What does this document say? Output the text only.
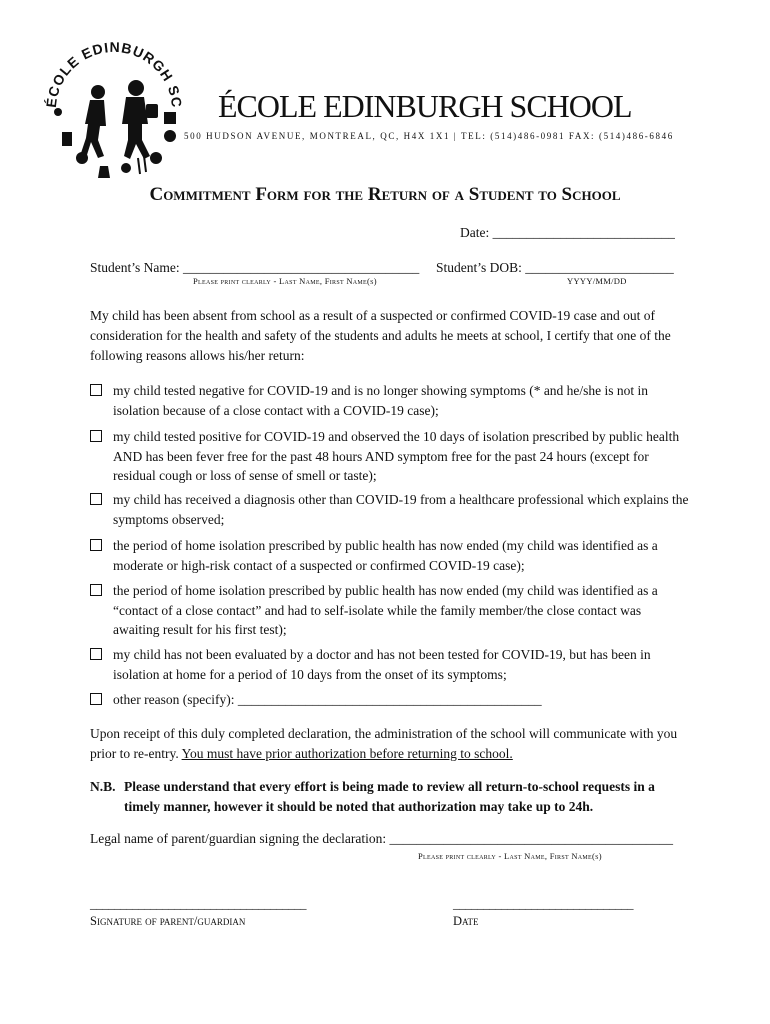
ÉCOLE EDINBURGH SC ÉCOLE EDINBURGH SCHOOL
500 HUDSON AVENUE, MONTREAL, QC, H4X 1X1 | TEL: (514)486-0981 FAX: (514)486-6846
Commitment Form for the Return of a Student to School
Date: ___________________________
Student’s Name: ___________________________________
Please print clearly - Last Name, First Name(s)
Student’s DOB: ______________________
YYYY/MM/DD
My child has been absent from school as a result of a suspected or confirmed COVID-19 case and out of consideration for the health and safety of the students and adults he meets at school, I certify that one of the following reasons allows his/her return:
my child tested negative for COVID-19 and is no longer showing symptoms (* and he/she is not in isolation because of a close contact with a COVID-19 case);
my child tested positive for COVID-19 and observed the 10 days of isolation prescribed by public health AND has been fever free for the past 48 hours AND symptom free for the past 24 hours (except for residual cough or loss of sense of smell or taste);
my child has received a diagnosis other than COVID-19 from a healthcare professional which explains the symptoms observed;
the period of home isolation prescribed by public health has now ended (my child was identified as a moderate or high-risk contact of a suspected or confirmed COVID-19 case);
the period of home isolation prescribed by public health has now ended (my child was identified as a “contact of a close contact” and had to self-isolate while the family member/the close contact was awaiting result for his first test);
my child has not been evaluated by a doctor and has not been tested for COVID-19, but has been in isolation at home for a period of 10 days from the onset of its symptoms;
other reason (specify): _____________________________________________
Upon receipt of this duly completed declaration, the administration of the school will communicate with you prior to re-entry. You must have prior authorization before returning to school.
N.B. Please understand that every effort is being made to review all return-to-school requests in a timely manner, however it should be noted that authorization may take up to 24h.
Legal name of parent/guardian signing the declaration: __________________________________________
Please print clearly - Last Name, First Name(s)
____________________________________
Signature of parent/guardian
______________________________
Date
